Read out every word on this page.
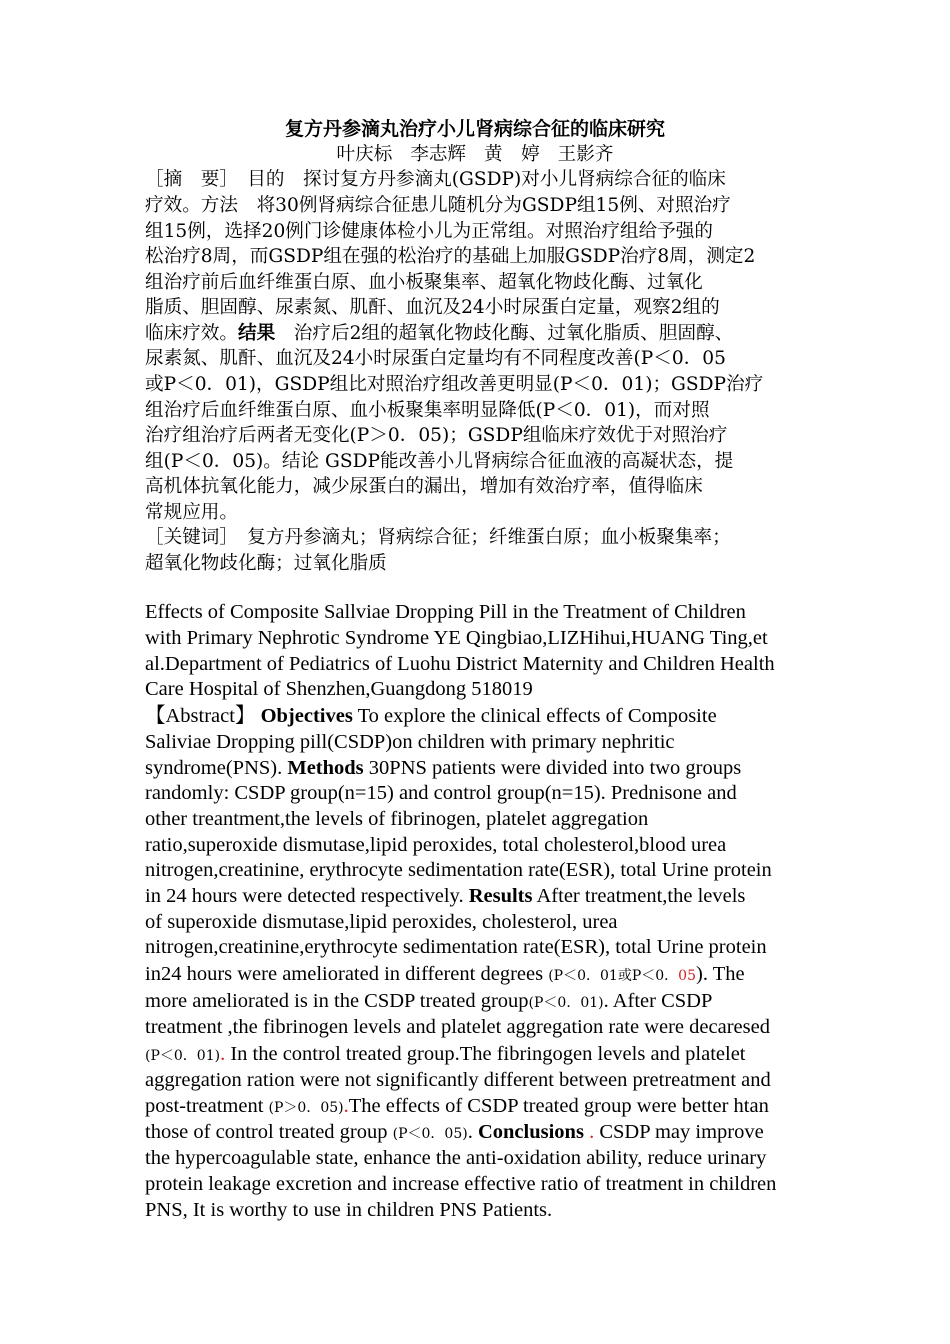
复方丹参滴丸治疗小儿肾病综合征的临床研究
叶庆标 李志辉 黄　婷 王影齐
［摘　要］　目的　探讨复方丹参滴丸(GSDP)对小儿肾病综合征的临床
疗效。方法　将30例肾病综合征患儿随机分为GSDP组15例、对照治疗
组15例，选择20例门诊健康体检小儿为正常组。对照治疗组给予强的
松治疗8周，而GSDP组在强的松治疗的基础上加服GSDP治疗8周，测定2
组治疗前后血纤维蛋白原、血小板聚集率、超氧化物歧化酶、过氧化
脂质、胆固醇、尿素氮、肌酐、血沉及24小时尿蛋白定量，观察2组的
临床疗效。结果　治疗后2组的超氧化物歧化酶、过氧化脂质、胆固醇、
尿素氮、肌酐、血沉及24小时尿蛋白定量均有不同程度改善(P＜0．05
或P＜0．01)，GSDP组比对照治疗组改善更明显(P＜0．01)；GSDP治疗
组治疗后血纤维蛋白原、血小板聚集率明显降低(P＜0．01)，而对照
治疗组治疗后两者无变化(P＞0．05)；GSDP组临床疗效优于对照治疗
组(P＜0．05)。结论 GSDP能改善小儿肾病综合征血液的高凝状态，提
高机体抗氧化能力，减少尿蛋白的漏出，增加有效治疗率，值得临床
常规应用。
［关键词］　复方丹参滴丸；肾病综合征；纤维蛋白原；血小板聚集率；
超氧化物歧化酶；过氧化脂质
Effects of Composite Sallviae Dropping Pill in the Treatment of Children
with Primary Nephrotic Syndrome YE Qingbiao,LIZHihui,HUANG Ting,et
al.Department of Pediatrics of Luohu District Maternity and Children Health
Care Hospital of Shenzhen,Guangdong 518019
【Abstract】 Objectives To explore the clinical effects of Composite
Saliviae Dropping pill(CSDP)on children with primary nephritic
syndrome(PNS). Methods 30PNS patients were divided into two groups
randomly: CSDP group(n=15) and control group(n=15). Prednisone and
other treantment,the levels of fibrinogen, platelet aggregation
ratio,superoxide dismutase,lipid peroxides, total cholesterol,blood urea
nitrogen,creatinine, erythrocyte sedimentation rate(ESR), total Urine protein
in 24 hours were detected respectively. Results After treatment,the levels
of superoxide dismutase,lipid peroxides, cholesterol, urea
nitrogen,creatinine,erythrocyte sedimentation rate(ESR), total Urine protein
in24 hours were ameliorated in different degrees (P＜0．01或P＜0．05). The
more ameliorated is in the CSDP treated group(P＜0．01). After CSDP
treatment ,the fibrinogen levels and platelet aggregation rate were decaresed
(P＜0．01). In the control treated group.The fibringogen levels and platelet
aggregation ration were not significantly different between pretreatment and
post-treatment (P＞0．05).The effects of CSDP treated group were better htan
those of control treated group (P＜0．05). Conclusions . CSDP may improve
the hypercoagulable state, enhance the anti-oxidation ability, reduce urinary
protein leakage excretion and increase effective ratio of treatment in children
PNS, It is worthy to use in children PNS Patients.
